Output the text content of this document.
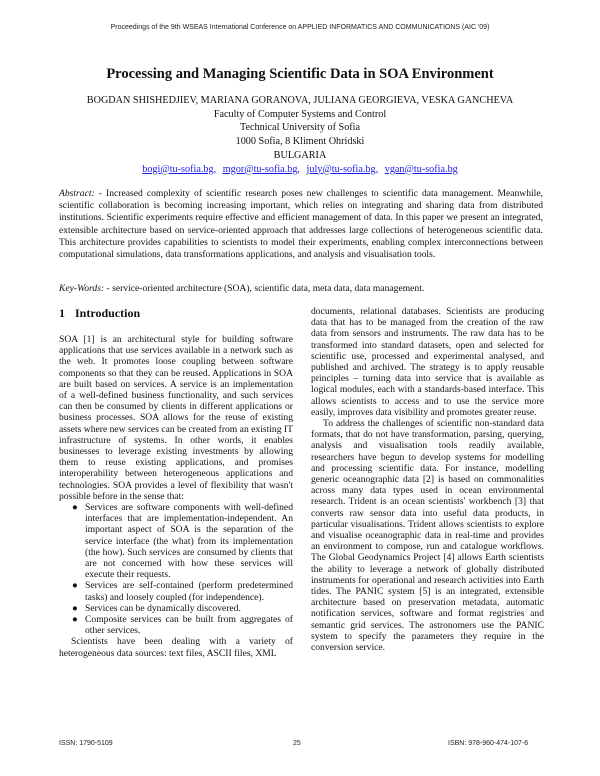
Proceedings of the 9th WSEAS International Conference on APPLIED INFORMATICS AND COMMUNICATIONS (AIC '09)
Processing and Managing Scientific Data in SOA Environment
BOGDAN SHISHEDJIEV, MARIANA GORANOVA, JULIANA GEORGIEVA, VESKA GANCHEVA
Faculty of Computer Systems and Control
Technical University of Sofia
1000 Sofia, 8 Kliment Ohridski
BULGARIA
bogi@tu-sofia.bg, mgor@tu-sofia.bg, july@tu-sofia.bg, vgan@tu-sofia.bg
Abstract: - Increased complexity of scientific research poses new challenges to scientific data management. Meanwhile, scientific collaboration is becoming increasing important, which relies on integrating and sharing data from distributed institutions. Scientific experiments require effective and efficient management of data. In this paper we present an integrated, extensible architecture based on service-oriented approach that addresses large collections of heterogeneous scientific data. This architecture provides capabilities to scientists to model their experiments, enabling complex interconnections between computational simulations, data transformations applications, and analysis and visualisation tools.
Key-Words: - service-oriented architecture (SOA), scientific data, meta data, data management.
1 Introduction

SOA [1] is an architectural style for building software applications that use services available in a network such as the web. It promotes loose coupling between software components so that they can be reused. Applications in SOA are built based on services. A service is an implementation of a well-defined business functionality, and such services can then be consumed by clients in different applications or business processes. SOA allows for the reuse of existing assets where new services can be created from an existing IT infrastructure of systems. In other words, it enables businesses to leverage existing investments by allowing them to reuse existing applications, and promises interoperability between heterogeneous applications and technologies. SOA provides a level of flexibility that wasn't possible before in the sense that:

● Services are software components with well-defined interfaces that are implementation-independent. An important aspect of SOA is the separation of the service interface (the what) from its implementation (the how). Such services are consumed by clients that are not concerned with how these services will execute their requests.
● Services are self-contained (perform predetermined tasks) and loosely coupled (for independence).
● Services can be dynamically discovered.
● Composite services can be built from aggregates of other services.

Scientists have been dealing with a variety of heterogeneous data sources: text files, ASCII files, XML

documents, relational databases. Scientists are producing data that has to be managed from the creation of the raw data from sensors and instruments. The raw data has to be transformed into standard datasets, open and selected for scientific use, processed and experimental analysed, and published and archived. The strategy is to apply reusable principles – turning data into service that is available as logical modules, each with a standards-based interface. This allows scientists to access and to use the service more easily, improves data visibility and promotes greater reuse.

To address the challenges of scientific non-standard data formats, that do not have transformation, parsing, querying, analysis and visualisation tools readily available, researchers have begun to develop systems for modelling and processing scientific data. For instance, modelling generic oceanographic data [2] is based on commonalities across many data types used in ocean environmental research. Trident is an ocean scientists' workbench [3] that converts raw sensor data into useful data products, in particular visualisations. Trident allows scientists to explore and visualise oceanographic data in real-time and provides an environment to compose, run and catalogue workflows. The Global Geodynamics Project [4] allows Earth scientists the ability to leverage a network of globally distributed instruments for operational and research activities into Earth tides. The PANIC system [5] is an integrated, extensible architecture based on preservation metadata, automatic notification services, software and format registries and semantic grid services. The astronomers use the PANIC system to specify the parameters they require in the conversion service.

ISSN: 1790-5109	25	ISBN: 978-960-474-107-6
